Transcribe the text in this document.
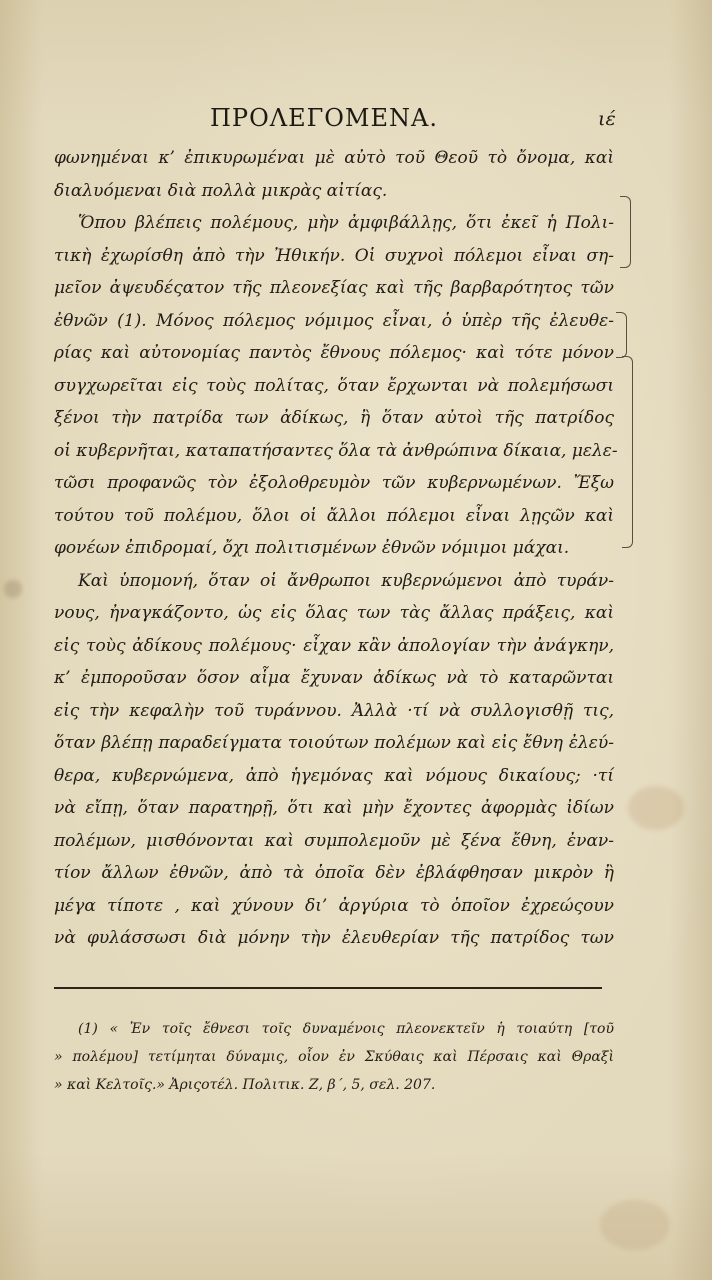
ΠΡΟΛΕΓΟΜΕΝΑ.	ιέ
φωνημέναι κ’ ἐπικυρωμέναι μὲ αὐτὸ τοῦ Θεοῦ τὸ ὄνομα, καὶ
διαλυόμεναι διὰ πολλὰ μικρὰς αἰτίας.
Ὅπου βλέπεις πολέμους, μὴν ἀμφιβάλλῃς, ὅτι ἐκεῖ ἡ Πολι-
τικὴ ἐχωρίσθη ἀπὸ τὴν Ἠθικήν. Οἱ συχνοὶ πόλεμοι εἶναι ση-
μεῖον ἀψευδέςατον τῆς πλεονεξίας καὶ τῆς βαρβαρότητος τῶν
ἐθνῶν (1). Μόνος πόλεμος νόμιμος εἶναι, ὁ ὑπὲρ τῆς ἐλευθε-
ρίας καὶ αὐτονομίας παντὸς ἔθνους πόλεμος· καὶ τότε μόνον
συγχωρεῖται εἰς τοὺς πολίτας, ὅταν ἔρχωνται νὰ πολεμήσωσι
ξένοι τὴν πατρίδα των ἀδίκως, ἢ ὅταν αὐτοὶ τῆς πατρίδος
οἱ κυβερνῆται, καταπατήσαντες ὅλα τὰ ἀνθρώπινα δίκαια, μελε-
τῶσι προφανῶς τὸν ἐξολοθρευμὸν τῶν κυβερνωμένων. Ἔξω
τούτου τοῦ πολέμου, ὅλοι οἱ ἄλλοι πόλεμοι εἶναι λῃςῶν καὶ
φονέων ἐπιδρομαί, ὄχι πολιτισμένων ἐθνῶν νόμιμοι μάχαι.
Καὶ ὑπομονή, ὅταν οἱ ἄνθρωποι κυβερνώμενοι ἀπὸ τυράν-
νους, ἠναγκάζοντο, ὡς εἰς ὅλας των τὰς ἄλλας πράξεις, καὶ
εἰς τοὺς ἀδίκους πολέμους· εἶχαν κἂν ἀπολογίαν τὴν ἀνάγκην,
κ’ ἐμποροῦσαν ὅσον αἷμα ἔχυναν ἀδίκως νὰ τὸ καταρῶνται
εἰς τὴν κεφαλὴν τοῦ τυράννου. Ἀλλὰ ·τί νὰ συλλογισθῇ τις,
ὅταν βλέπῃ παραδείγματα τοιούτων πολέμων καὶ εἰς ἔθνη ἐλεύ-
θερα, κυβερνώμενα, ἀπὸ ἡγεμόνας καὶ νόμους δικαίους; ·τί
νὰ εἴπῃ, ὅταν παρατηρῇ, ὅτι καὶ μὴν ἔχοντες ἀφορμὰς ἰδίων
πολέμων, μισθόνονται καὶ συμπολεμοῦν μὲ ξένα ἔθνη, ἐναν-
τίον ἄλλων ἐθνῶν, ἀπὸ τὰ ὁποῖα δὲν ἐβλάφθησαν μικρὸν ἢ
μέγα τίποτε , καὶ χύνουν δι’ ἀργύρια τὸ ὁποῖον ἐχρεώςουν
νὰ φυλάσσωσι διὰ μόνην τὴν ἐλευθερίαν τῆς πατρίδος των
(1) « Ἐν τοῖς ἔθνεσι τοῖς δυναμένοις πλεονεκτεῖν ἡ τοιαύτη [τοῦ
» πολέμου] τετίμηται δύναμις, οἷον ἐν Σκύθαις καὶ Πέρσαις καὶ Θραξὶ
» καὶ Κελτοῖς.» Ἀριςοτέλ. Πολιτικ. Ζ, β΄, 5, σελ. 207.
